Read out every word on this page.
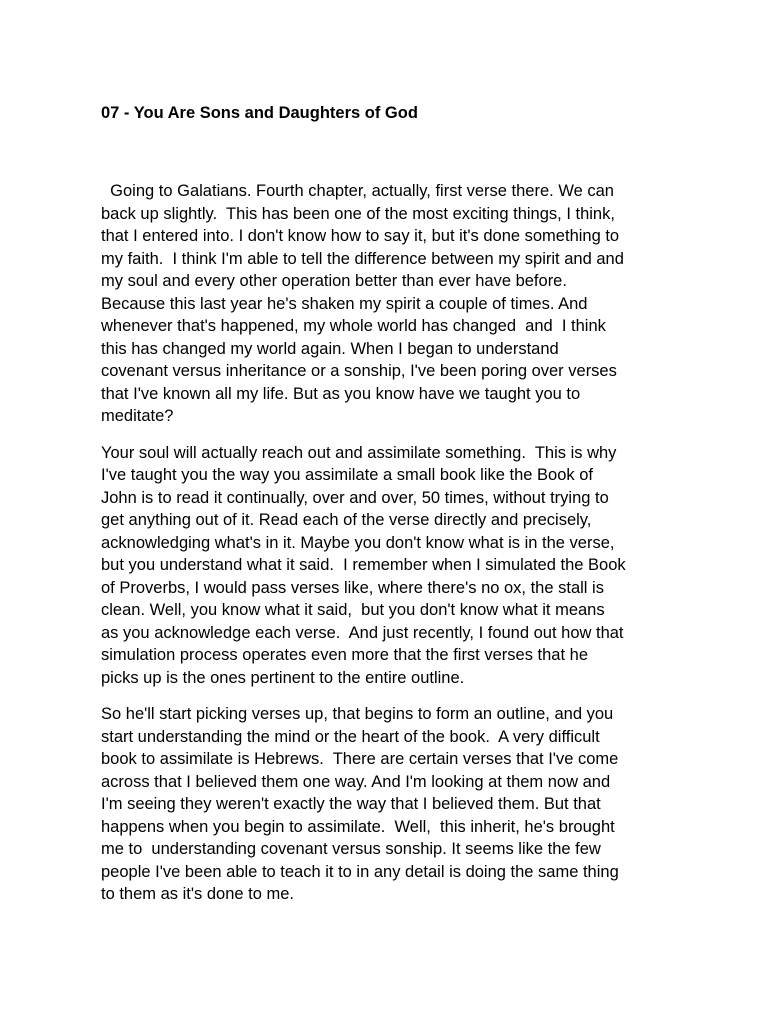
07 - You Are Sons and Daughters of God

Going to Galatians. Fourth chapter, actually, first verse there. We can
back up slightly.  This has been one of the most exciting things, I think,
that I entered into. I don't know how to say it, but it's done something to
my faith.  I think I'm able to tell the difference between my spirit and and
my soul and every other operation better than ever have before.
Because this last year he's shaken my spirit a couple of times. And
whenever that's happened, my whole world has changed  and  I think
this has changed my world again. When I began to understand
covenant versus inheritance or a sonship, I've been poring over verses
that I've known all my life. But as you know have we taught you to
meditate?

Your soul will actually reach out and assimilate something.  This is why
I've taught you the way you assimilate a small book like the Book of
John is to read it continually, over and over, 50 times, without trying to
get anything out of it. Read each of the verse directly and precisely,
acknowledging what's in it. Maybe you don't know what is in the verse,
but you understand what it said.  I remember when I simulated the Book
of Proverbs, I would pass verses like, where there's no ox, the stall is
clean. Well, you know what it said,  but you don't know what it means
as you acknowledge each verse.  And just recently, I found out how that
simulation process operates even more that the first verses that he
picks up is the ones pertinent to the entire outline.

So he'll start picking verses up, that begins to form an outline, and you
start understanding the mind or the heart of the book.  A very difficult
book to assimilate is Hebrews.  There are certain verses that I've come
across that I believed them one way. And I'm looking at them now and
I'm seeing they weren't exactly the way that I believed them. But that
happens when you begin to assimilate.  Well,  this inherit, he's brought
me to  understanding covenant versus sonship. It seems like the few
people I've been able to teach it to in any detail is doing the same thing
to them as it's done to me.
